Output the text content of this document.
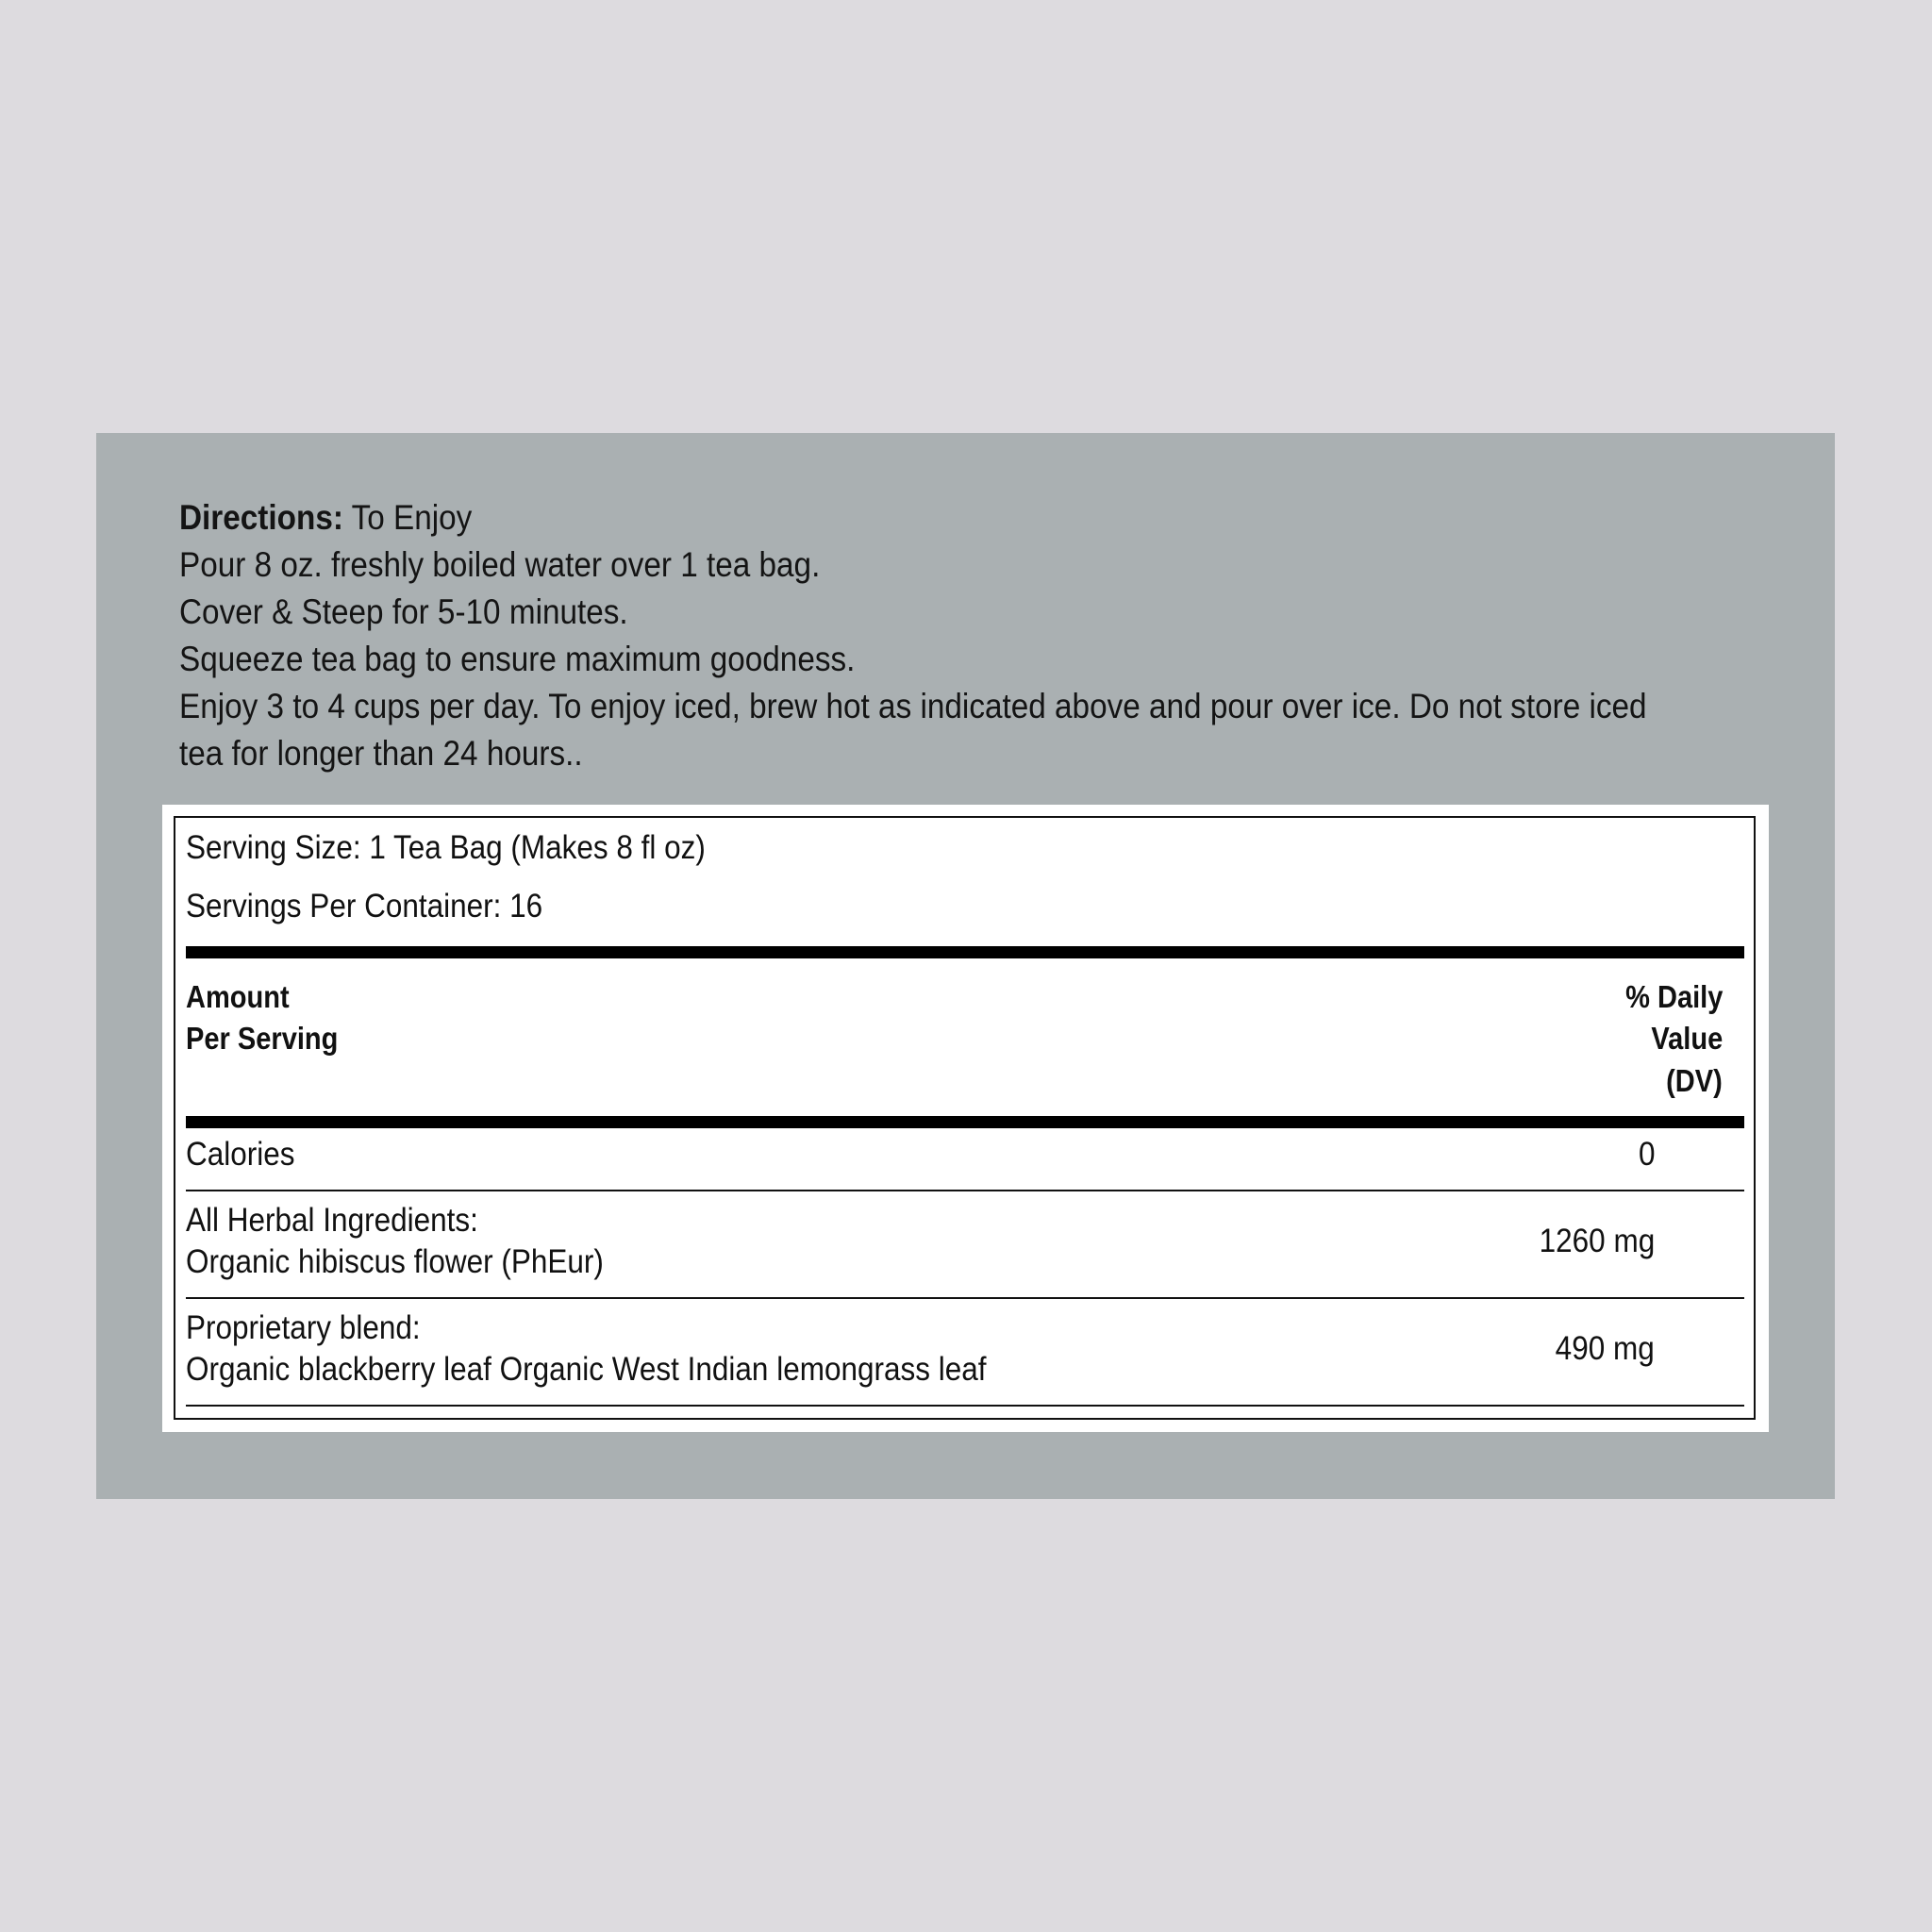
Directions: To Enjoy
Pour 8 oz. freshly boiled water over 1 tea bag.
Cover & Steep for 5-10 minutes.
Squeeze tea bag to ensure maximum goodness.
Enjoy 3 to 4 cups per day. To enjoy iced, brew hot as indicated above and pour over ice. Do not store iced
tea for longer than 24 hours..
Serving Size: 1 Tea Bag (Makes 8 fl oz)
Servings Per Container: 16
Amount
Per Serving
% Daily
Value
(DV)
Calories	0
All Herbal Ingredients:
Organic hibiscus flower (PhEur)
1260 mg
Proprietary blend:
Organic blackberry leaf Organic West Indian lemongrass leaf
490 mg
